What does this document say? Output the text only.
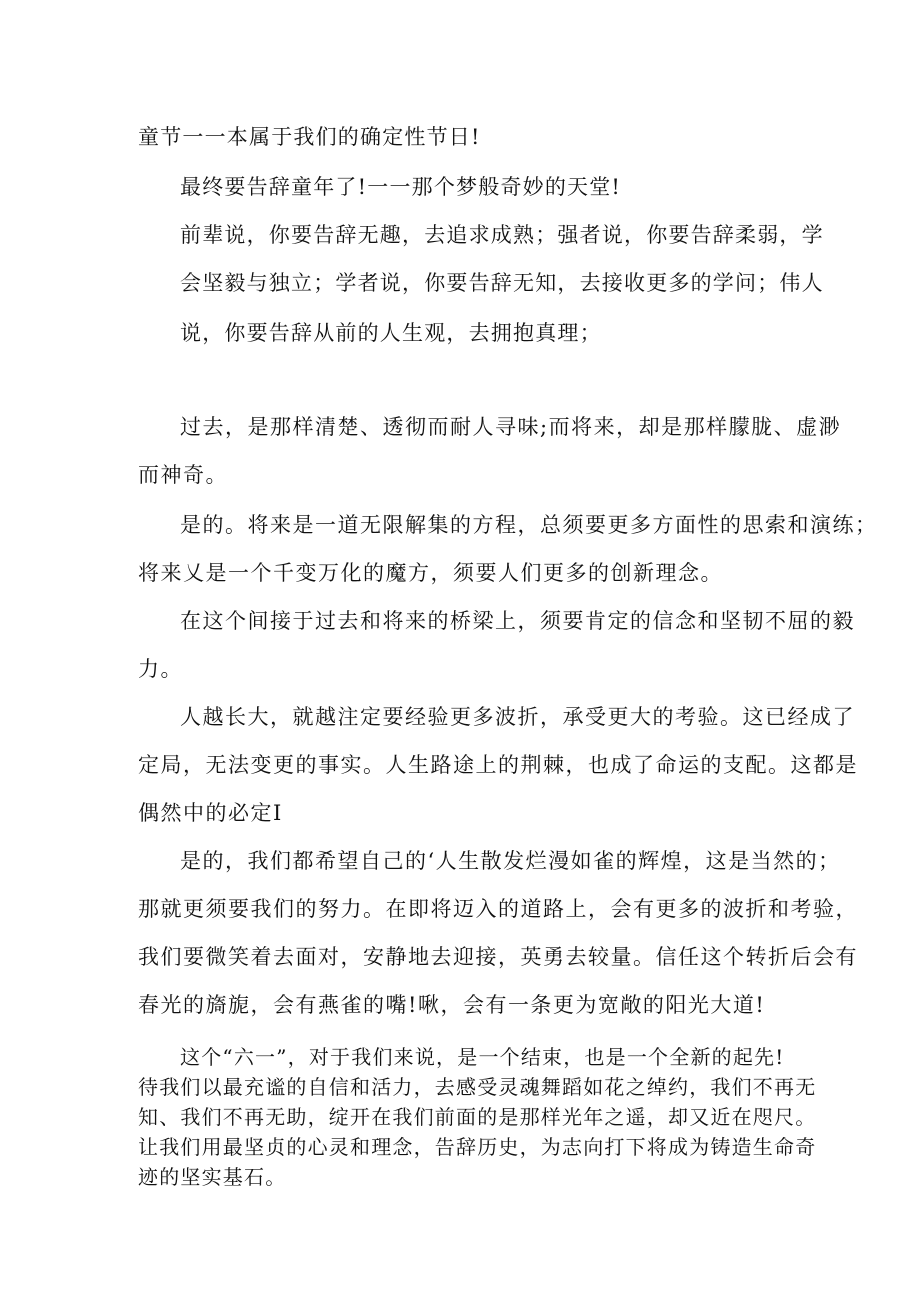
童节一一本属于我们的确定性节日!
最终要告辞童年了!一一那个梦般奇妙的天堂!
前辈说，你要告辞无趣，去追求成熟；强者说，你要告辞柔弱，学
会坚毅与独立；学者说，你要告辞无知，去接收更多的学问；伟人
说，你要告辞从前的人生观，去拥抱真理；
过去，是那样清楚、透彻而耐人寻味;而将来，却是那样朦胧、虚渺
而神奇。
是的。将来是一道无限解集的方程，总须要更多方面性的思索和演练；
将来乂是一个千变万化的魔方，须要人们更多的创新理念。
在这个间接于过去和将来的桥梁上，须要肯定的信念和坚韧不屈的毅
力。
人越长大，就越注定要经验更多波折，承受更大的考验。这已经成了
定局，无法变更的事实。人生路途上的荆棘，也成了命运的支配。这都是
偶然中的必定I
是的，我们都希望自己的‘人生散发烂漫如雀的辉煌，这是当然的；
那就更须要我们的努力。在即将迈入的道路上，会有更多的波折和考验，
我们要微笑着去面对，安静地去迎接，英勇去较量。信任这个转折后会有
春光的旖旎，会有燕雀的嘴!啾，会有一条更为宽敞的阳光大道!
这个“六一”，对于我们来说，是一个结束，也是一个全新的起先!
待我们以最充谧的自信和活力，去感受灵魂舞蹈如花之绰约，我们不再无
知、我们不再无助，绽开在我们前面的是那样光年之遥，却又近在咫尺。
让我们用最坚贞的心灵和理念，告辞历史，为志向打下将成为铸造生命奇
迹的坚实基石。
